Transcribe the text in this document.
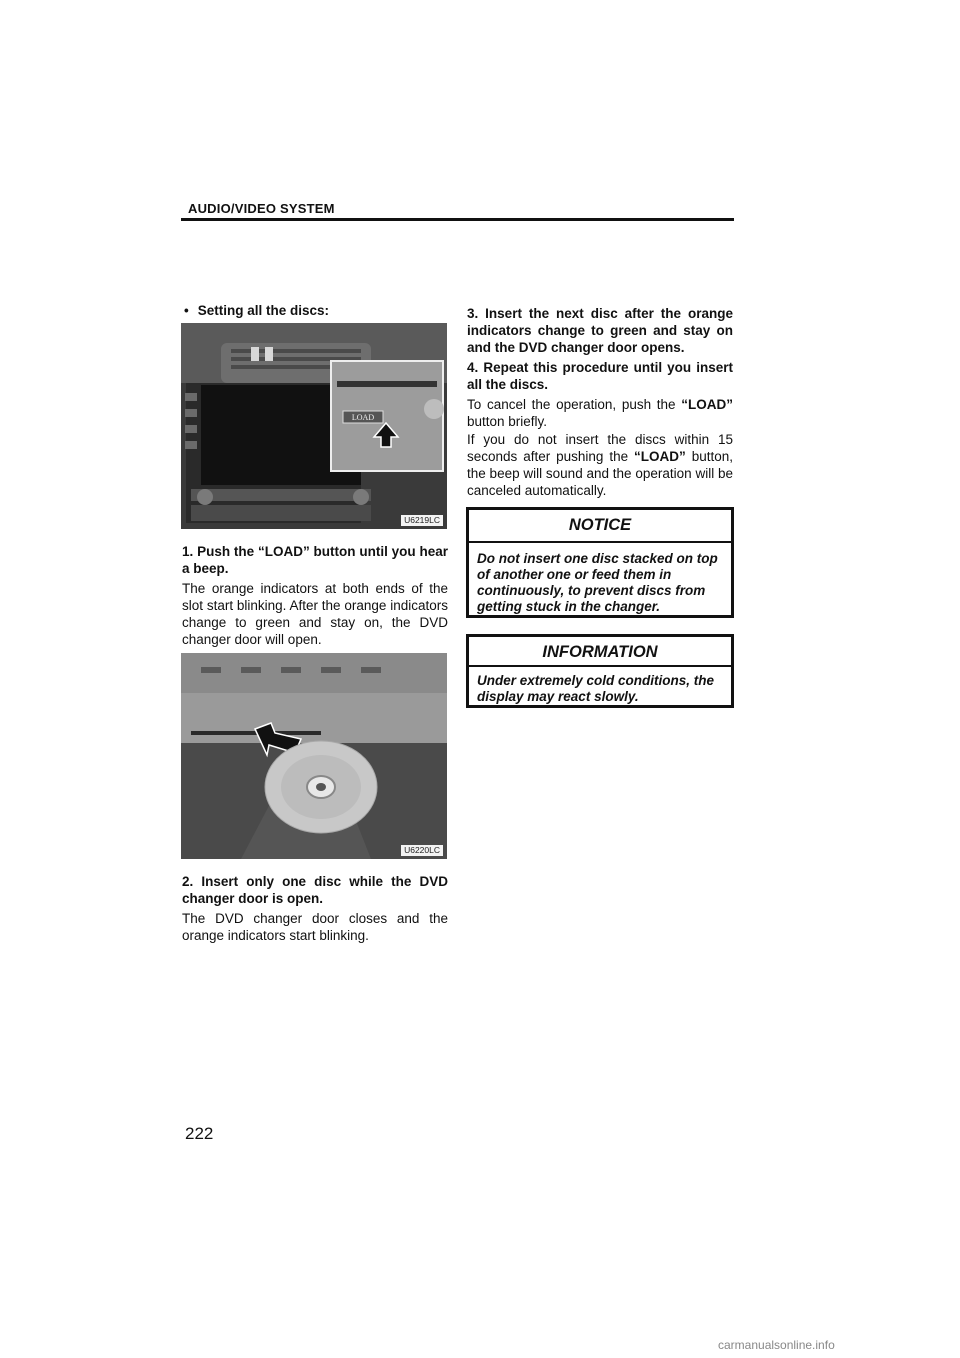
AUDIO/VIDEO SYSTEM
• Setting all the discs:
LOAD
U6219LC
1. Push the “LOAD” button until you hear a beep.
The orange indicators at both ends of the slot start blinking. After the orange indicators change to green and stay on, the DVD changer door will open.
U6220LC
2. Insert only one disc while the DVD changer door is open.
The DVD changer door closes and the orange indicators start blinking.
3. Insert the next disc after the orange indicators change to green and stay on and the DVD changer door opens.
4. Repeat this procedure until you insert all the discs.
To cancel the operation, push the “LOAD” button briefly.
If you do not insert the discs within 15 seconds after pushing the “LOAD” button, the beep will sound and the operation will be canceled automatically.
NOTICE
Do not insert one disc stacked on top of another one or feed them in continuously, to prevent discs from getting stuck in the changer.
INFORMATION
Under extremely cold conditions, the display may react slowly.
222
carmanualsonline.info
